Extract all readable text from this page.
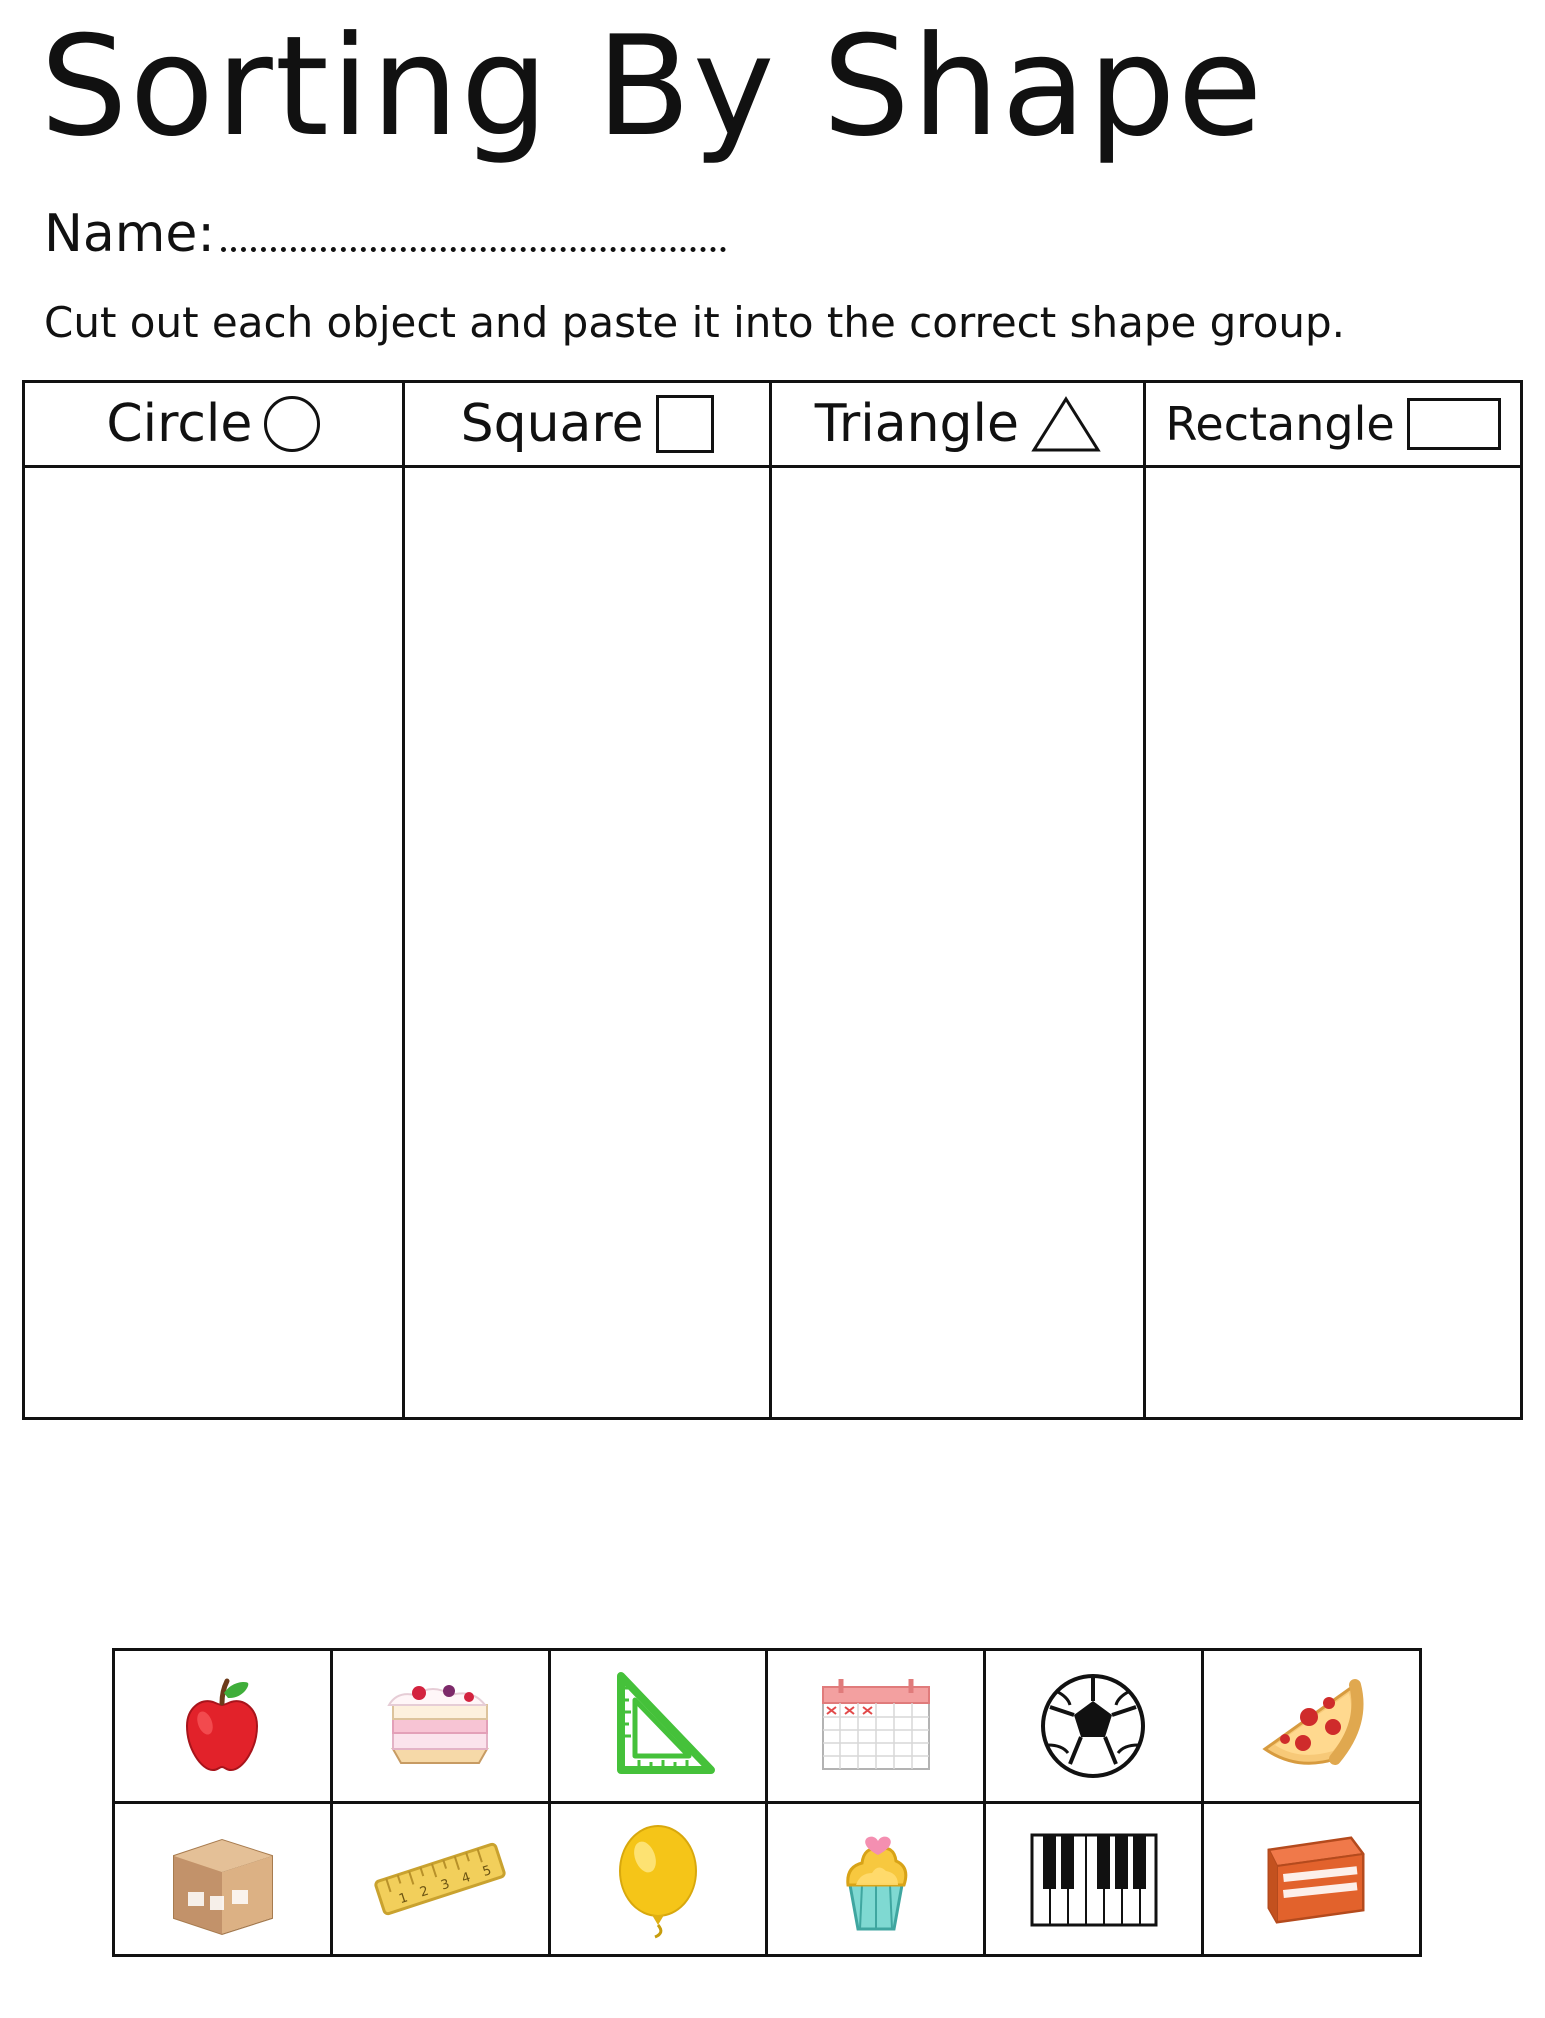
Sorting By Shape
Name:
Cut out each object and paste it into the correct shape group.
Circle	Square	Triangle	Rectangle
1 2 3 4 5
